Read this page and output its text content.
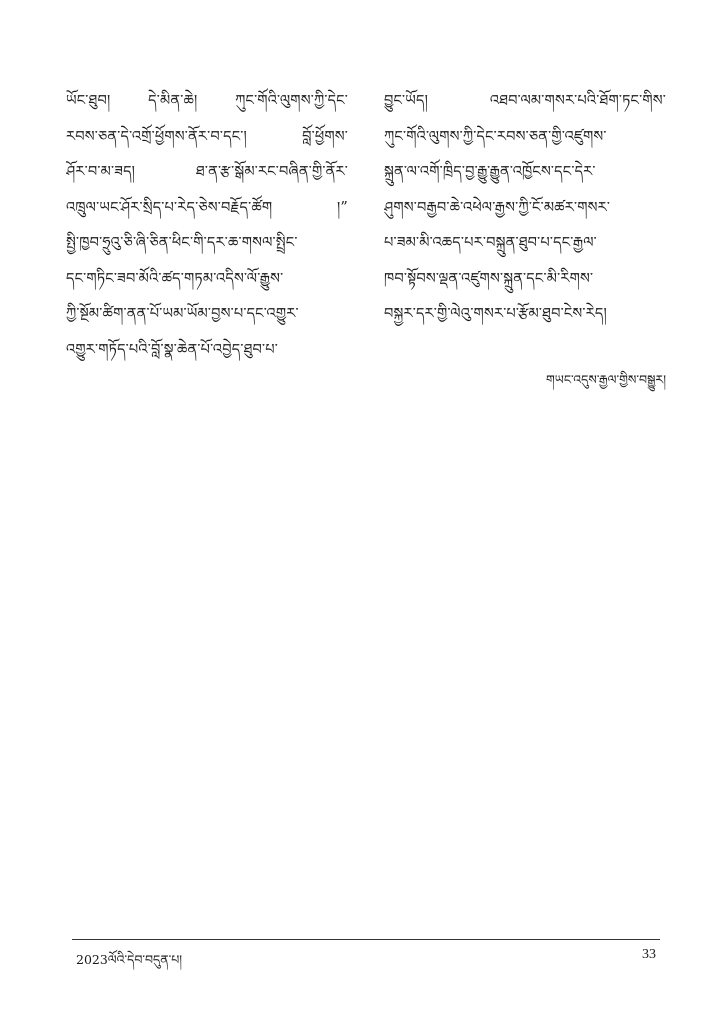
ཡོང་ཐུབ། དེ་མིན་ཆེ། ཀུང་གོའི་ལུགས་ཀྱི་དེང་
རབས་ཅན་དེ་འགྲོ་ཕྱོགས་ནོར་བ་དང་། བློ་ཕྱོགས་
ཤོར་བ་མ་ཟད། ཐ་ན་རྩ་སྒོམ་རང་བཞིན་གྱི་ནོར་
འཁྲུལ་ཡང་ཤོར་སྲིད་པ་རེད་ཅེས་བརྗོད་ཚོག །”
སྤྱི་ཁྱབ་ཧྲུའུ་ཅི་ཞི་ཅིན་ཕིང་གི་དར་ཆ་གསལ་སྤྲིང་
དང་གཏིང་ཟབ་མོའི་ཚད་གཏམ་འདིས་ལོ་རྒྱུས་
ཀྱི་སྔོམ་ཚིག་ནན་པོ་ཡམ་ཡོམ་བྱས་པ་དང་འགྱུར་
འགྱུར་གཏོད་པའི་བློ་སྣ་ཆེན་པོ་འབྱེད་ཐུབ་པ་
བྱུང་ཡོད། འཐབ་ལམ་གསར་པའི་ཐོག་ཏང་གིས་
ཀུང་གོའི་ལུགས་ཀྱི་དེང་རབས་ཅན་གྱི་འཛུགས་
སྐྲུན་ལ་འགོ་ཁྲིད་བྱ་རྒྱུ་རྒྱུན་འཁྱོངས་དང་དེར་
ཤུགས་བརྒྱབ་ཆེ་འཕེལ་རྒྱས་ཀྱི་ངོ་མཚར་གསར་
པ་ཟམ་མི་འཆད་པར་བསྐྲུན་ཐུབ་པ་དང་རྒྱལ་
ཁབ་སྟོབས་ལྡན་འཛུགས་སྐྲུན་དང་མི་རིགས་
བསྐྱར་དར་གྱི་ལེའུ་གསར་པ་རྩོམ་ཐུབ་ངེས་རེད།
གཡང་འདུས་རྒྱལ་གྱིས་བསྒྱུར།
2023ལོའི་དེབ་བདུན་པ།	33
